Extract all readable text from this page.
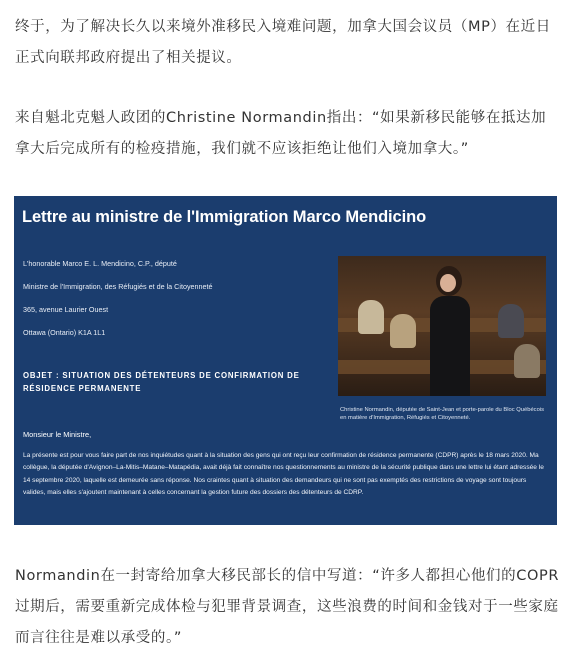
终于，为了解决长久以来境外准移民入境难问题，加拿大国会议员（MP）在近日正式向联邦政府提出了相关提议。
来自魁北克魁人政团的Christine Normandin指出：“如果新移民能够在抵达加拿大后完成所有的检疫措施，我们就不应该拒绝让他们入境加拿大。”
Lettre au ministre de l'Immigration Marco Mendicino
L'honorable Marco E. L. Mendicino, C.P., député
Ministre de l'Immigration, des Réfugiés et de la Citoyenneté
365, avenue Laurier Ouest
Ottawa (Ontario) K1A 1L1
OBJET : SITUATION DES DÉTENTEURS DE CONFIRMATION DE RÉSIDENCE PERMANENTE
Christine Normandin, députée de Saint-Jean et porte-parole du Bloc Québécois en matière d'Immigration, Réfugiés et Citoyenneté.
Monsieur le Ministre,
La présente est pour vous faire part de nos inquiétudes quant à la situation des gens qui ont reçu leur confirmation de résidence permanente (CDPR) après le 18 mars 2020. Ma collègue, la députée d'Avignon–La-Mitis–Matane–Matapédia, avait déjà fait connaître nos questionnements au ministre de la sécurité publique dans une lettre lui étant adressée le 14 septembre 2020, laquelle est demeurée sans réponse. Nos craintes quant à situation des demandeurs qui ne sont pas exemptés des restrictions de voyage sont toujours valides, mais elles s'ajoutent maintenant à celles concernant la gestion future des dossiers des détenteurs de CDRP.
Normandin在一封寄给加拿大移民部长的信中写道：“许多人都担心他们的COPR过期后，需要重新完成体检与犯罪背景调查，这些浪费的时间和金钱对于一些家庭而言往往是难以承受的。”
